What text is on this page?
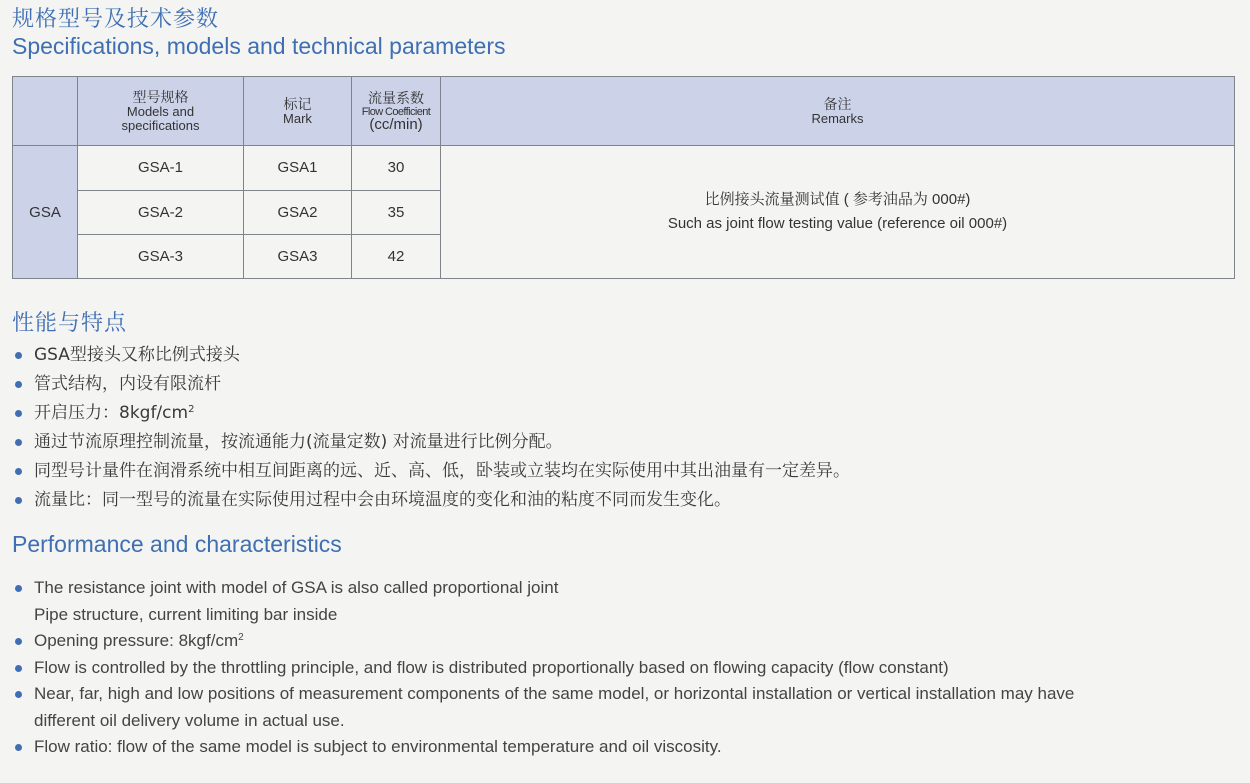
规格型号及技术参数
Specifications, models and technical parameters

	型号规格
Models and
specifications	标记
Mark	流量系数
Flow Coefficient
(cc/min)	备注
Remarks

GSA	GSA-1	GSA1	30	比例接头流量测试值 ( 参考油品为 000#)
Such as joint flow testing value (reference oil 000#)

	GSA-2	GSA2	35	
	GSA-3	GSA3	42	
性能与特点
GSA型接头又称比例式接头
管式结构，内设有限流杆
开启压力：$8kgf/cm^2$
通过节流原理控制流量，按流通能力(流量定数) 对流量进行比例分配。
同型号计量件在润滑系统中相互间距离的远、近、高、低，卧装或立装均在实际使用中其出油量有一定差异。
流量比：同一型号的流量在实际使用过程中会由环境温度的变化和油的粘度不同而发生变化。
Performance and characteristics
The resistance joint with model of GSA is also called proportional joint
Pipe structure, current limiting bar inside
Opening pressure: $8kgf/cm^2$
Flow is controlled by the throttling principle, and flow is distributed proportionally based on flowing capacity (flow constant)
Near, far, high and low positions of measurement components of the same model, or horizontal installation or vertical installation may have
different oil delivery volume in actual use.
Flow ratio: flow of the same model is subject to environmental temperature and oil viscosity.
